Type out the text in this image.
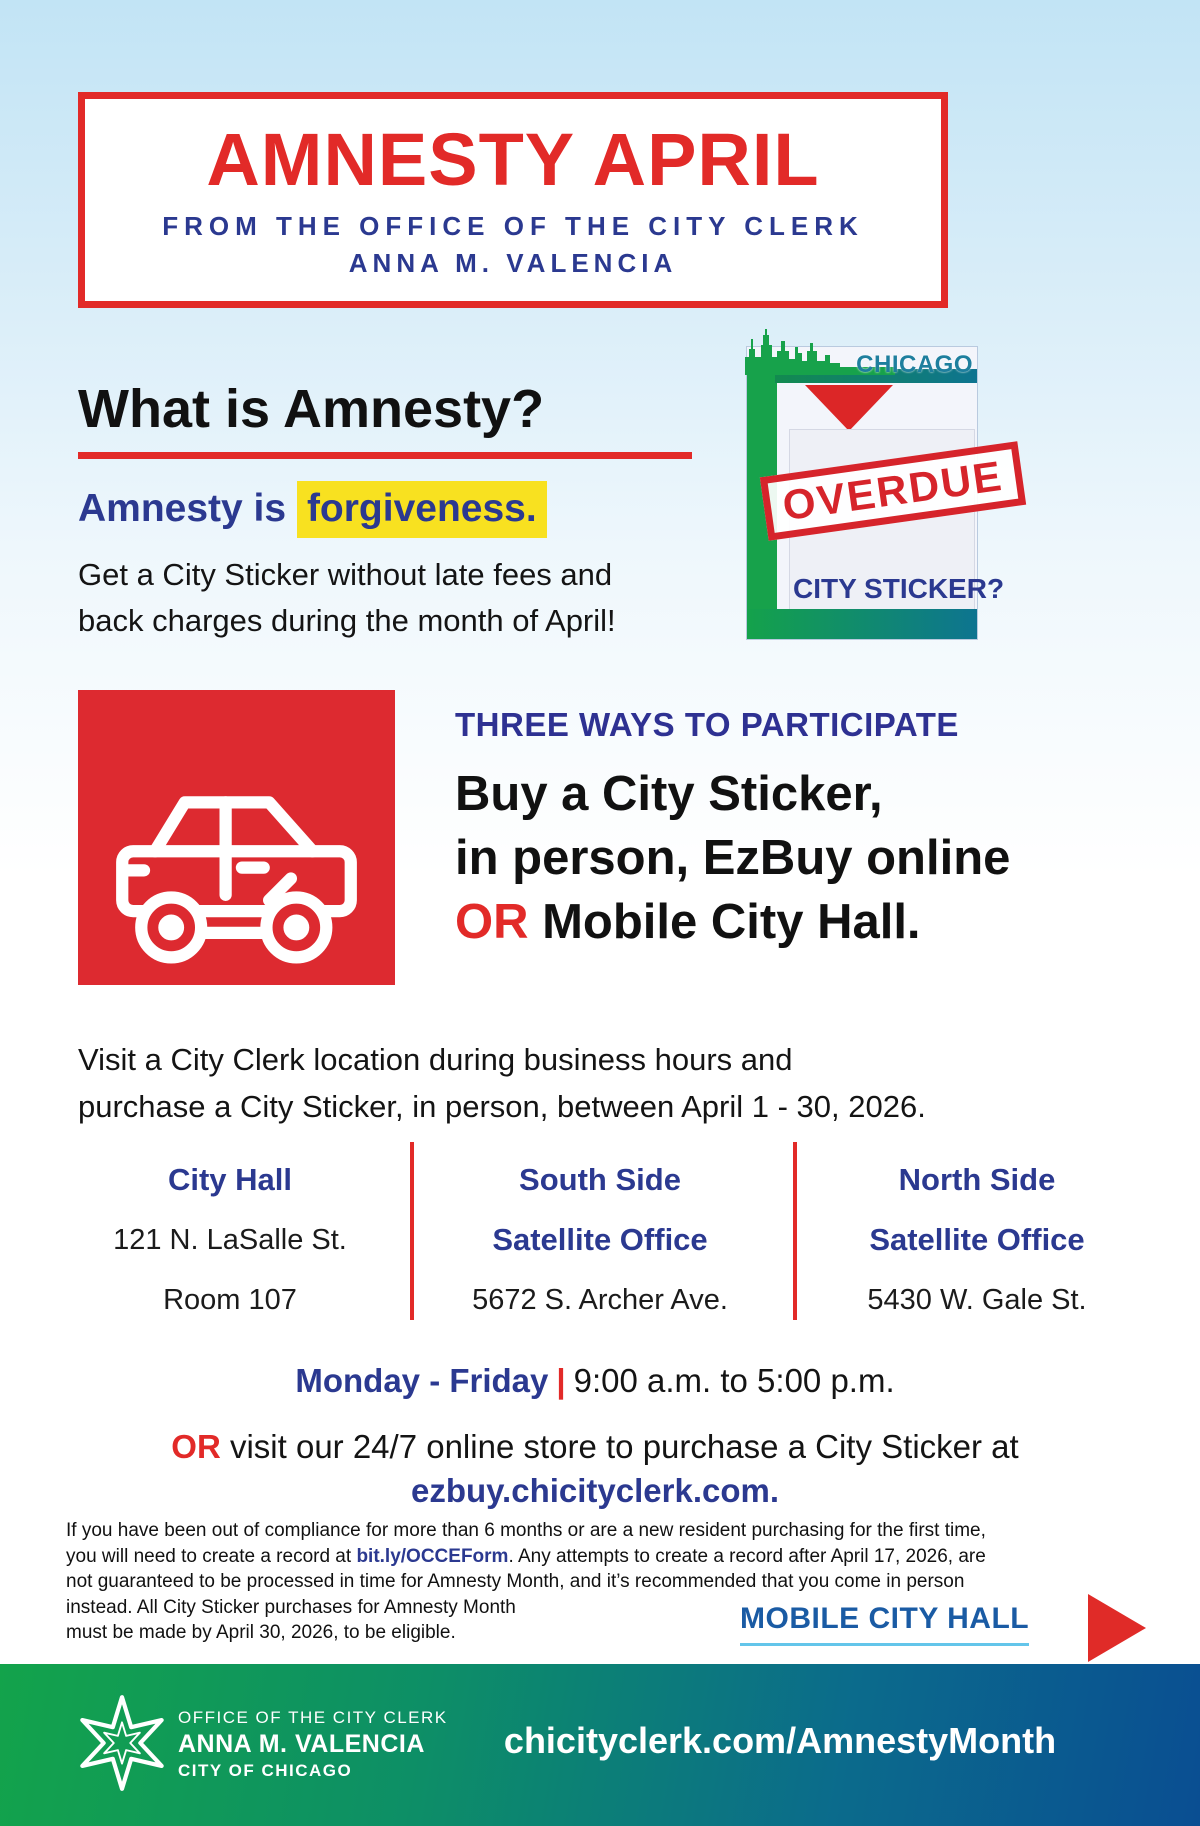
AMNESTY APRIL
FROM THE OFFICE OF THE CITY CLERK
ANNA M. VALENCIA
What is Amnesty?
Amnesty is forgiveness.
Get a City Sticker without late fees and
back charges during the month of April!
CHICAGO
OVERDUE
CITY STICKER?
THREE WAYS TO PARTICIPATE
Buy a City Sticker,
in person, EzBuy online
OR Mobile City Hall.
Visit a City Clerk location during business hours and
purchase a City Sticker, in person, between April 1 - 30, 2026.
City Hall
121 N. LaSalle St.
Room 107
South Side
Satellite Office
5672 S. Archer Ave.
North Side
Satellite Office
5430 W. Gale St.
Monday - Friday | 9:00 a.m. to 5:00 p.m.
OR visit our 24/7 online store to purchase a City Sticker at
ezbuy.chicityclerk.com.
If you have been out of compliance for more than 6 months or are a new resident purchasing for the first time,
you will need to create a record at bit.ly/OCCEForm. Any attempts to create a record after April 17, 2026, are
not guaranteed to be processed in time for Amnesty Month, and it’s recommended that you come in person
instead. All City Sticker purchases for Amnesty Month
must be made by April 30, 2026, to be eligible.	MOBILE CITY HALL
OFFICE OF THE CITY CLERK
ANNA M. VALENCIA
CITY OF CHICAGO
chicityclerk.com/AmnestyMonth
